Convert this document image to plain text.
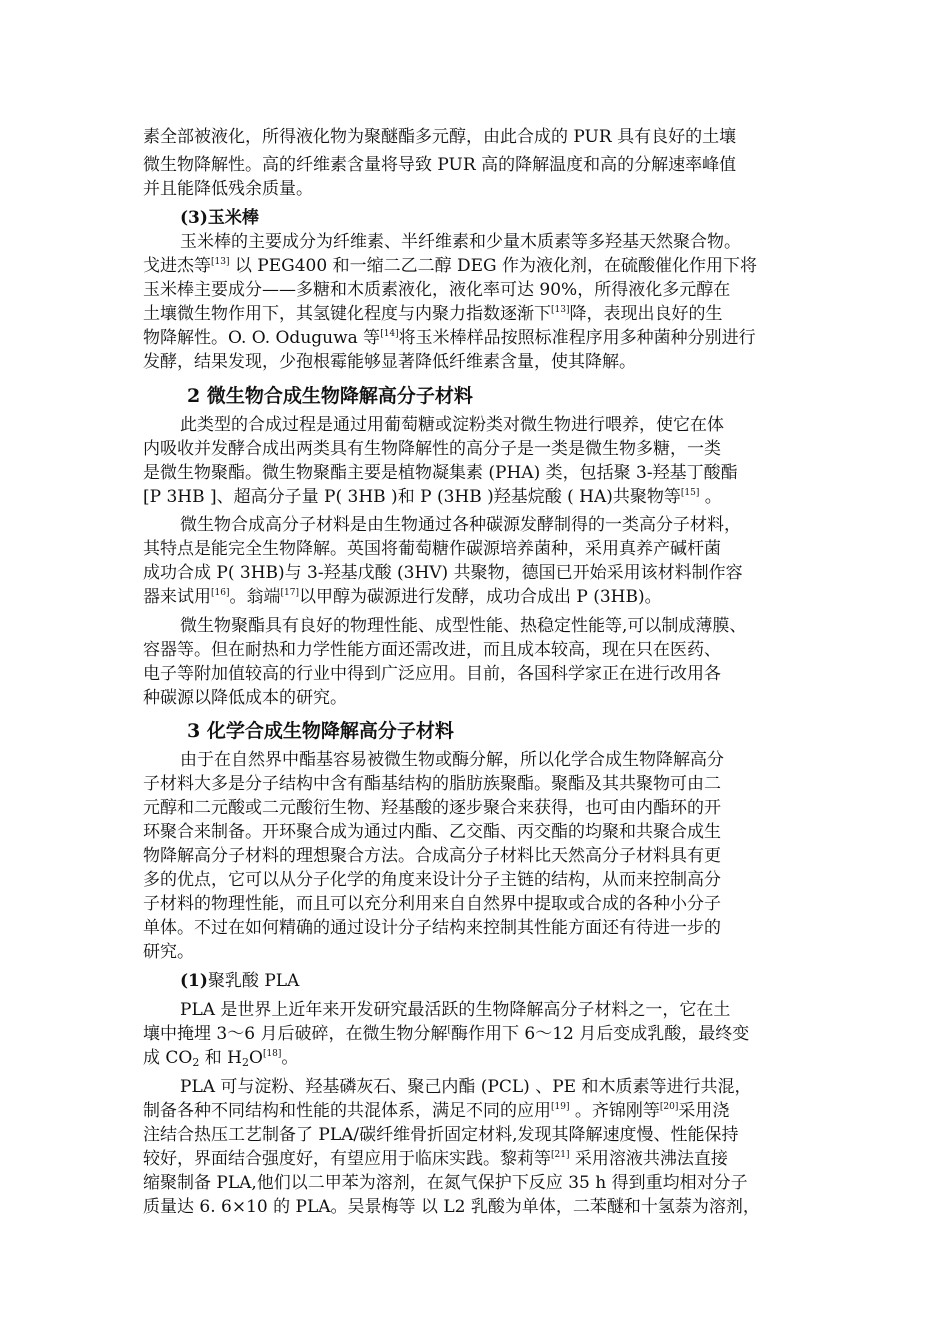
素全部被液化，所得液化物为聚醚酯多元醇，由此合成的 PUR 具有良好的土壤
微生物降解性。高的纤维素含量将导致 PUR 高的降解温度和高的分解速率峰值
并且能降低残余质量。
(3)玉米棒
玉米棒的主要成分为纤维素、半纤维素和少量木质素等多羟基天然聚合物。
戈进杰等[13] 以 PEG400 和一缩二乙二醇 DEG 作为液化剂，在硫酸催化作用下将
玉米棒主要成分——多糖和木质素液化，液化率可达 90%，所得液化多元醇在
土壤微生物作用下，其氢键化程度与内聚力指数逐渐下[13]降，表现出良好的生
物降解性。O. O. Oduguwa 等[14]将玉米棒样品按照标准程序用多种菌种分别进行
发酵，结果发现，少孢根霉能够显著降低纤维素含量，使其降解。
2 微生物合成生物降解高分子材料
此类型的合成过程是通过用葡萄糖或淀粉类对微生物进行喂养，使它在体
内吸收并发酵合成出两类具有生物降解性的高分子是一类是微生物多糖，一类
是微生物聚酯。微生物聚酯主要是植物凝集素 (PHA) 类，包括聚 3-羟基丁酸酯
[P 3HB ]、超高分子量 P( 3HB )和 P (3HB )羟基烷酸 ( HA)共聚物等[15] 。
微生物合成高分子材料是由生物通过各种碳源发酵制得的一类高分子材料，
其特点是能完全生物降解。英国将葡萄糖作碳源培养菌种，采用真养产碱杆菌
成功合成 P( 3HB)与 3-羟基戊酸 (3HV) 共聚物，德国已开始采用该材料制作容
器来试用[16]。翁端[17]以甲醇为碳源进行发酵，成功合成出 P (3HB)。
微生物聚酯具有良好的物理性能、成型性能、热稳定性能等,可以制成薄膜、
容器等。但在耐热和力学性能方面还需改进，而且成本较高，现在只在医药、
电子等附加值较高的行业中得到广泛应用。目前，各国科学家正在进行改用各
种碳源以降低成本的研究。
3 化学合成生物降解高分子材料
由于在自然界中酯基容易被微生物或酶分解，所以化学合成生物降解高分
子材料大多是分子结构中含有酯基结构的脂肪族聚酯。聚酯及其共聚物可由二
元醇和二元酸或二元酸衍生物、羟基酸的逐步聚合来获得，也可由内酯环的开
环聚合来制备。开环聚合成为通过内酯、乙交酯、丙交酯的均聚和共聚合成生
物降解高分子材料的理想聚合方法。合成高分子材料比天然高分子材料具有更
多的优点，它可以从分子化学的角度来设计分子主链的结构，从而来控制高分
子材料的物理性能，而且可以充分利用来自自然界中提取或合成的各种小分子
单体。不过在如何精确的通过设计分子结构来控制其性能方面还有待进一步的
研究。
(1)聚乳酸 PLA
PLA 是世界上近年来开发研究最活跃的生物降解高分子材料之一，它在土
壤中掩埋 3～6 月后破碎，在微生物分解[酶作用下 6～12 月后变成乳酸，最终变
成 $CO_2$ 和 $H_2O[18]$。
PLA 可与淀粉、羟基磷灰石、聚己内酯 (PCL) 、PE 和木质素等进行共混，
制备各种不同结构和性能的共混体系，满足不同的应用[19] 。齐锦刚等[20]采用浇
注结合热压工艺制备了 PLA/碳纤维骨折固定材料,发现其降解速度慢、性能保持
较好，界面结合强度好，有望应用于临床实践。黎莉等[21] 采用溶液共沸法直接
缩聚制备 PLA,他们以二甲苯为溶剂，在氮气保护下反应 35 h 得到重均相对分子
质量达 6. 6×10 的 PLA。吴景梅等 以 L2 乳酸为单体，二苯醚和十氢萘为溶剂，
